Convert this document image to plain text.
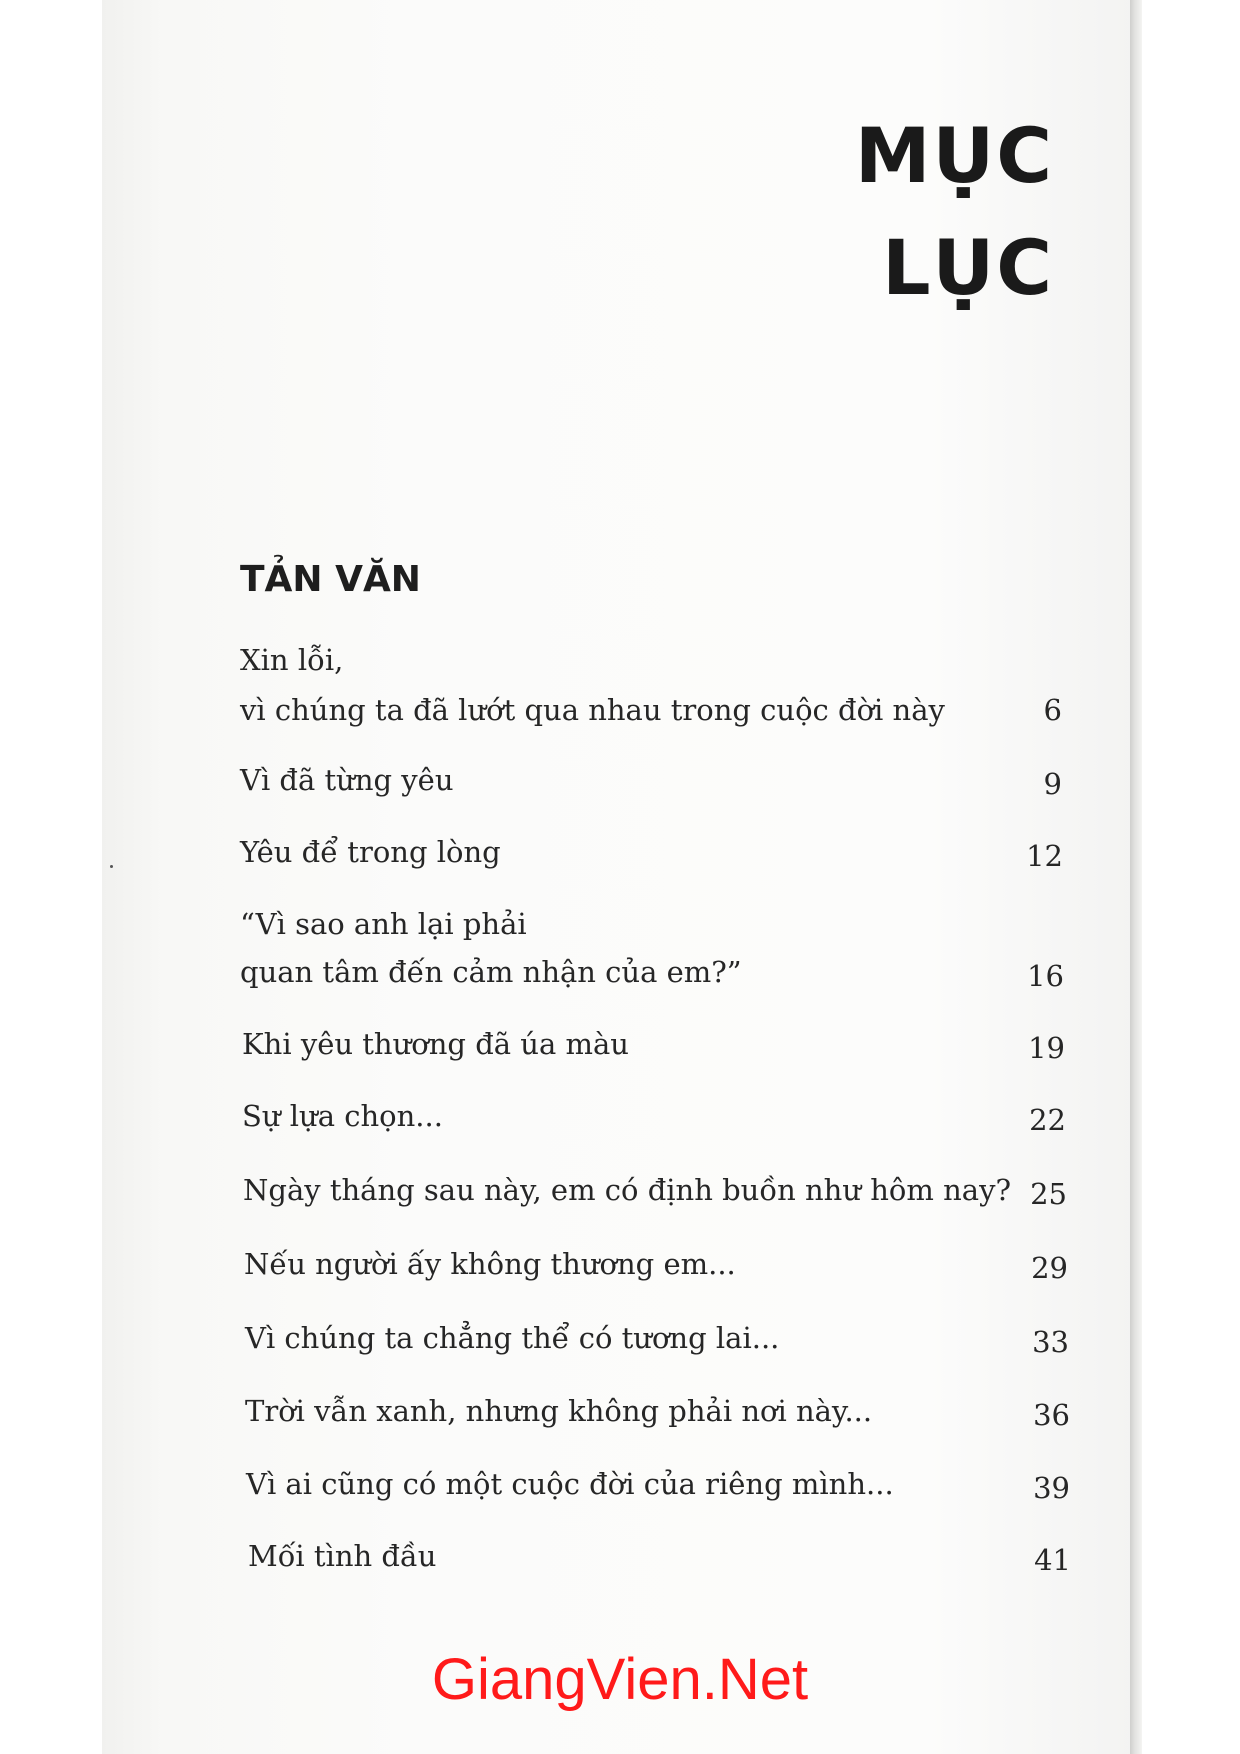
MỤC
LỤC
TẢN VĂN
Xin lỗi,
vì chúng ta đã lướt qua nhau trong cuộc đời này	6
Vì đã từng yêu	9
Yêu để trong lòng	12
“Vì sao anh lại phải
quan tâm đến cảm nhận của em?”	16
Khi yêu thương đã úa màu	19
Sự lựa chọn...	22
Ngày tháng sau này, em có định buồn như hôm nay? 25
Nếu người ấy không thương em...	29
Vì chúng ta chẳng thể có tương lai...	33
Trời vẫn xanh, nhưng không phải nơi này...	36
Vì ai cũng có một cuộc đời của riêng mình...	39
Mối tình đầu	41
GiangVien.Net
